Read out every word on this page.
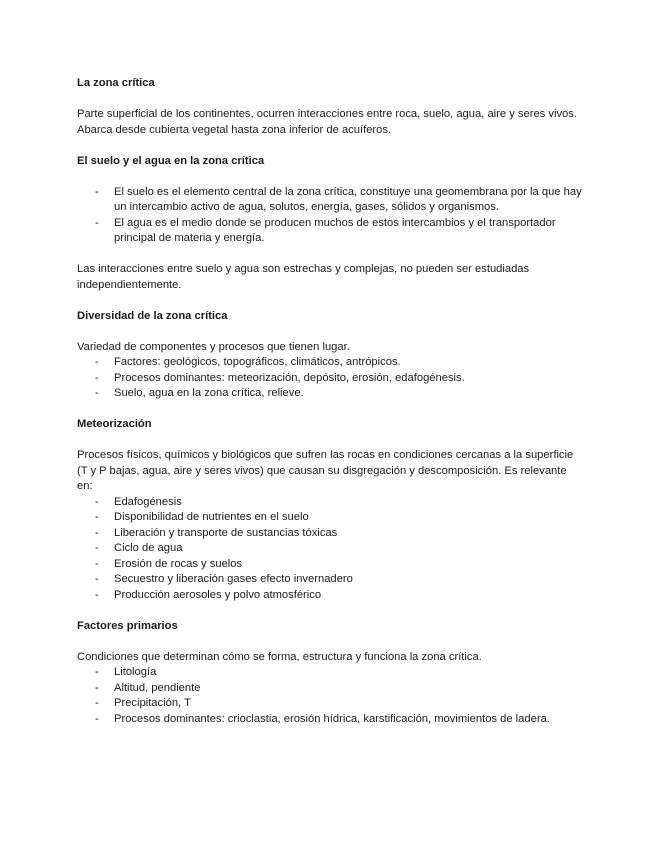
La zona crítica

Parte superficial de los continentes, ocurren interacciones entre roca, suelo, agua, aire y seres vivos. Abarca desde cubierta vegetal hasta zona inferior de acuíferos.

El suelo y el agua en la zona crítica

- El suelo es el elemento central de la zona crítica, constituye una geomembrana por la que hay un intercambio activo de agua, solutos, energía, gases, sólidos y organismos.
- El agua es el medio donde se producen muchos de estos intercambios y el transportador principal de materia y energía.

Las interacciones entre suelo y agua son estrechas y complejas, no pueden ser estudiadas independientemente.

Diversidad de la zona crítica

Variedad de componentes y procesos que tienen lugar.

- Factores: geológicos, topográficos, climáticos, antrópicos.
- Procesos dominantes: meteorización, depósito, erosión, edafogénesis.
- Suelo, agua en la zona crítica, relieve.

Meteorización

Procesos físicos, químicos y biológicos que sufren las rocas en condiciones cercanas a la superficie (T y P bajas, agua, aire y seres vivos) que causan su disgregación y descomposición. Es relevante en:

- Edafogénesis
- Disponibilidad de nutrientes en el suelo
- Liberación y transporte de sustancias tóxicas
- Ciclo de agua
- Erosión de rocas y suelos
- Secuestro y liberación gases efecto invernadero
- Producción aerosoles y polvo atmosférico

Factores primarios

Condiciones que determinan cómo se forma, estructura y funciona la zona crítica.

- Litología
- Altitud, pendiente
- Precipitación, T
- Procesos dominantes: crioclastia, erosión hídrica, karstificación, movimientos de ladera.
